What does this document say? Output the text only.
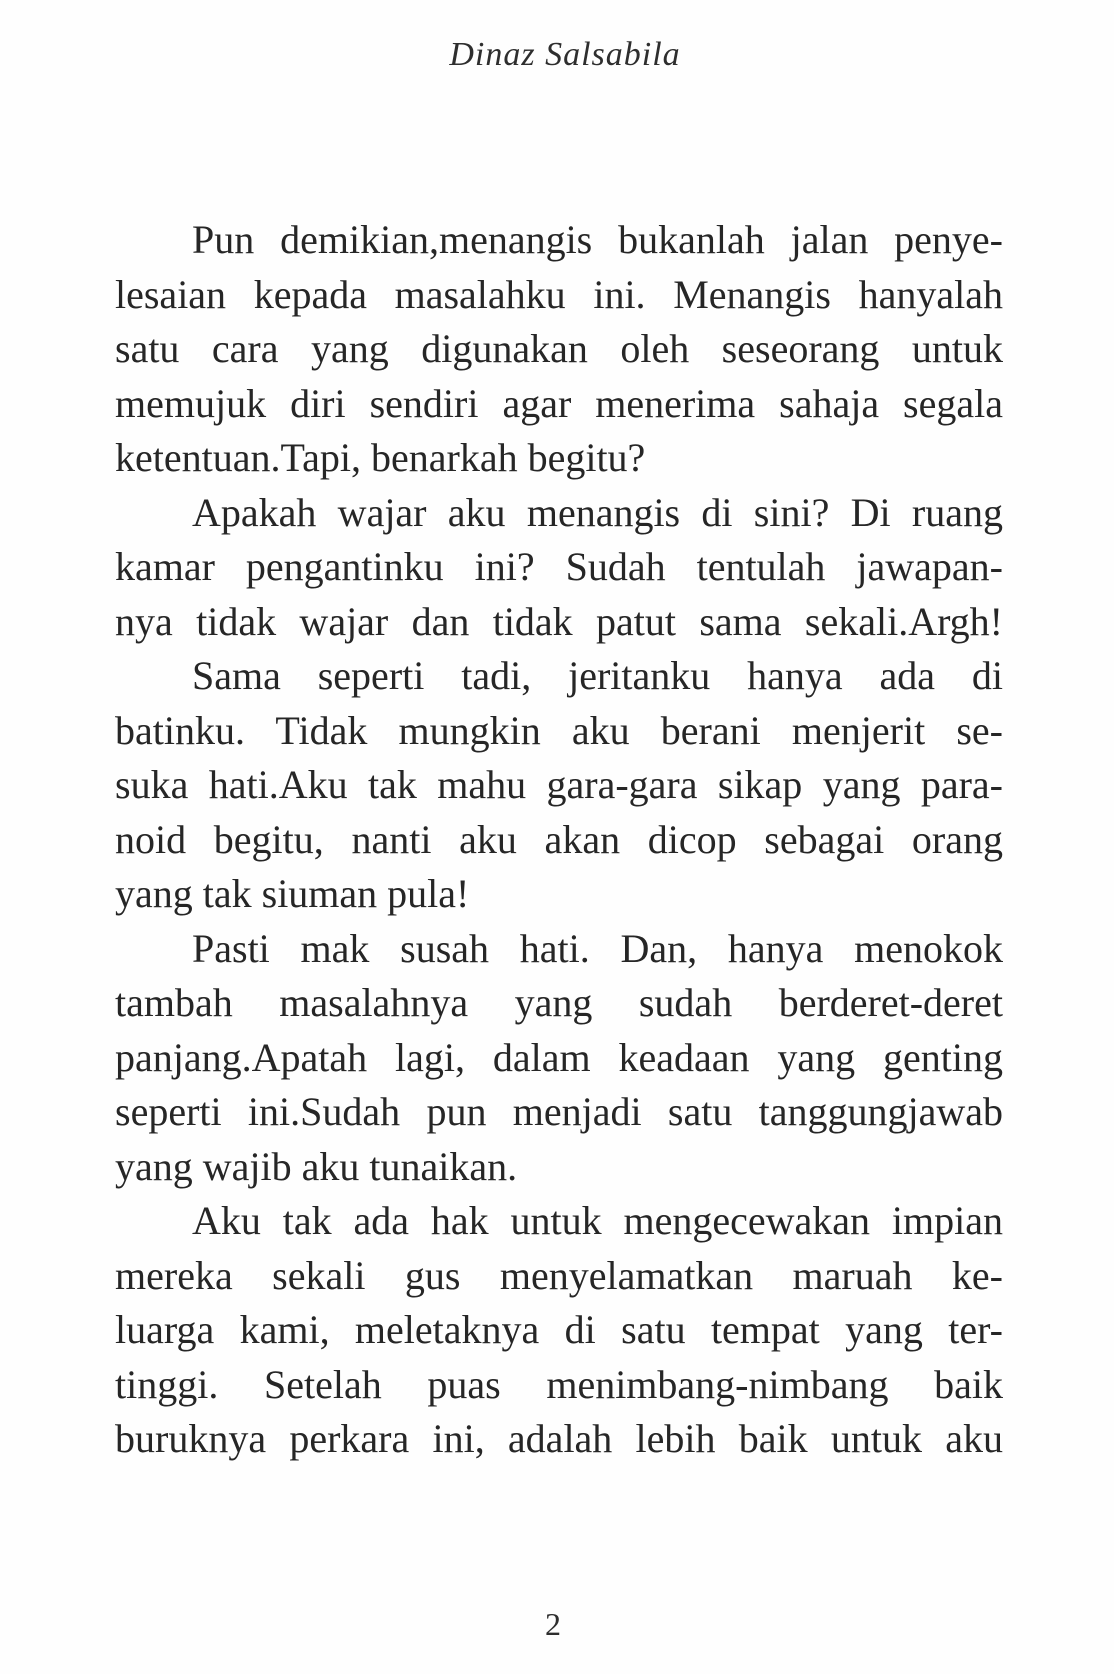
Dinaz Salsabila
Pun demikian,menangis bukanlah jalan penye-
lesaian kepada masalahku ini. Menangis hanyalah
satu cara yang digunakan oleh seseorang untuk
memujuk diri sendiri agar menerima sahaja segala
ketentuan.Tapi, benarkah begitu?
Apakah wajar aku menangis di sini? Di ruang
kamar pengantinku ini? Sudah tentulah jawapan-
nya tidak wajar dan tidak patut sama sekali.Argh!
Sama seperti tadi, jeritanku hanya ada di
batinku. Tidak mungkin aku berani menjerit se-
suka hati.Aku tak mahu gara-gara sikap yang para-
noid begitu, nanti aku akan dicop sebagai orang
yang tak siuman pula!
Pasti mak susah hati. Dan, hanya menokok
tambah masalahnya yang sudah berderet-deret
panjang.Apatah lagi, dalam keadaan yang genting
seperti ini.Sudah pun menjadi satu tanggungjawab
yang wajib aku tunaikan.
Aku tak ada hak untuk mengecewakan impian
mereka sekali gus menyelamatkan maruah ke-
luarga kami, meletaknya di satu tempat yang ter-
tinggi. Setelah puas menimbang-nimbang baik
buruknya perkara ini, adalah lebih baik untuk aku
2
